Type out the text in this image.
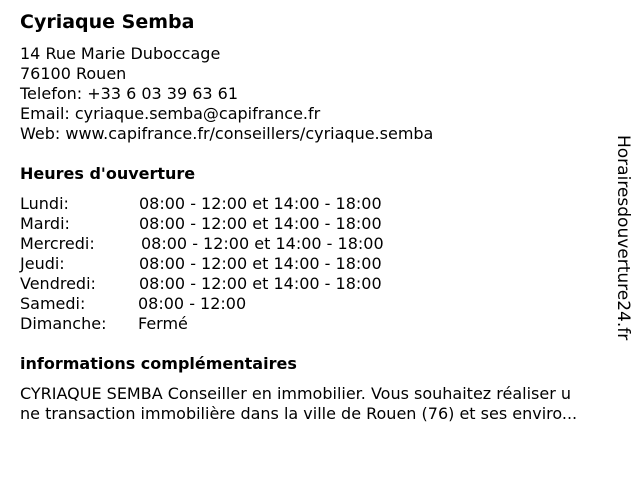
Cyriaque Semba
14 Rue Marie Duboccage
76100 Rouen
Telefon: +33 6 03 39 63 61
Email: cyriaque.semba@capifrance.fr
Web: www.capifrance.fr/conseillers/cyriaque.semba
Heures d'ouverture
Lundi:	08:00 - 12:00 et 14:00 - 18:00
Mardi:	08:00 - 12:00 et 14:00 - 18:00
Mercredi:	08:00 - 12:00 et 14:00 - 18:00
Jeudi:	08:00 - 12:00 et 14:00 - 18:00
Vendredi:	08:00 - 12:00 et 14:00 - 18:00
Samedi:	08:00 - 12:00
Dimanche: Fermé
informations complémentaires
CYRIAQUE SEMBA Conseiller en immobilier. Vous souhaitez réaliser u
ne transaction immobilière dans la ville de Rouen (76) et ses enviro...
Horairesdouverture24.fr
